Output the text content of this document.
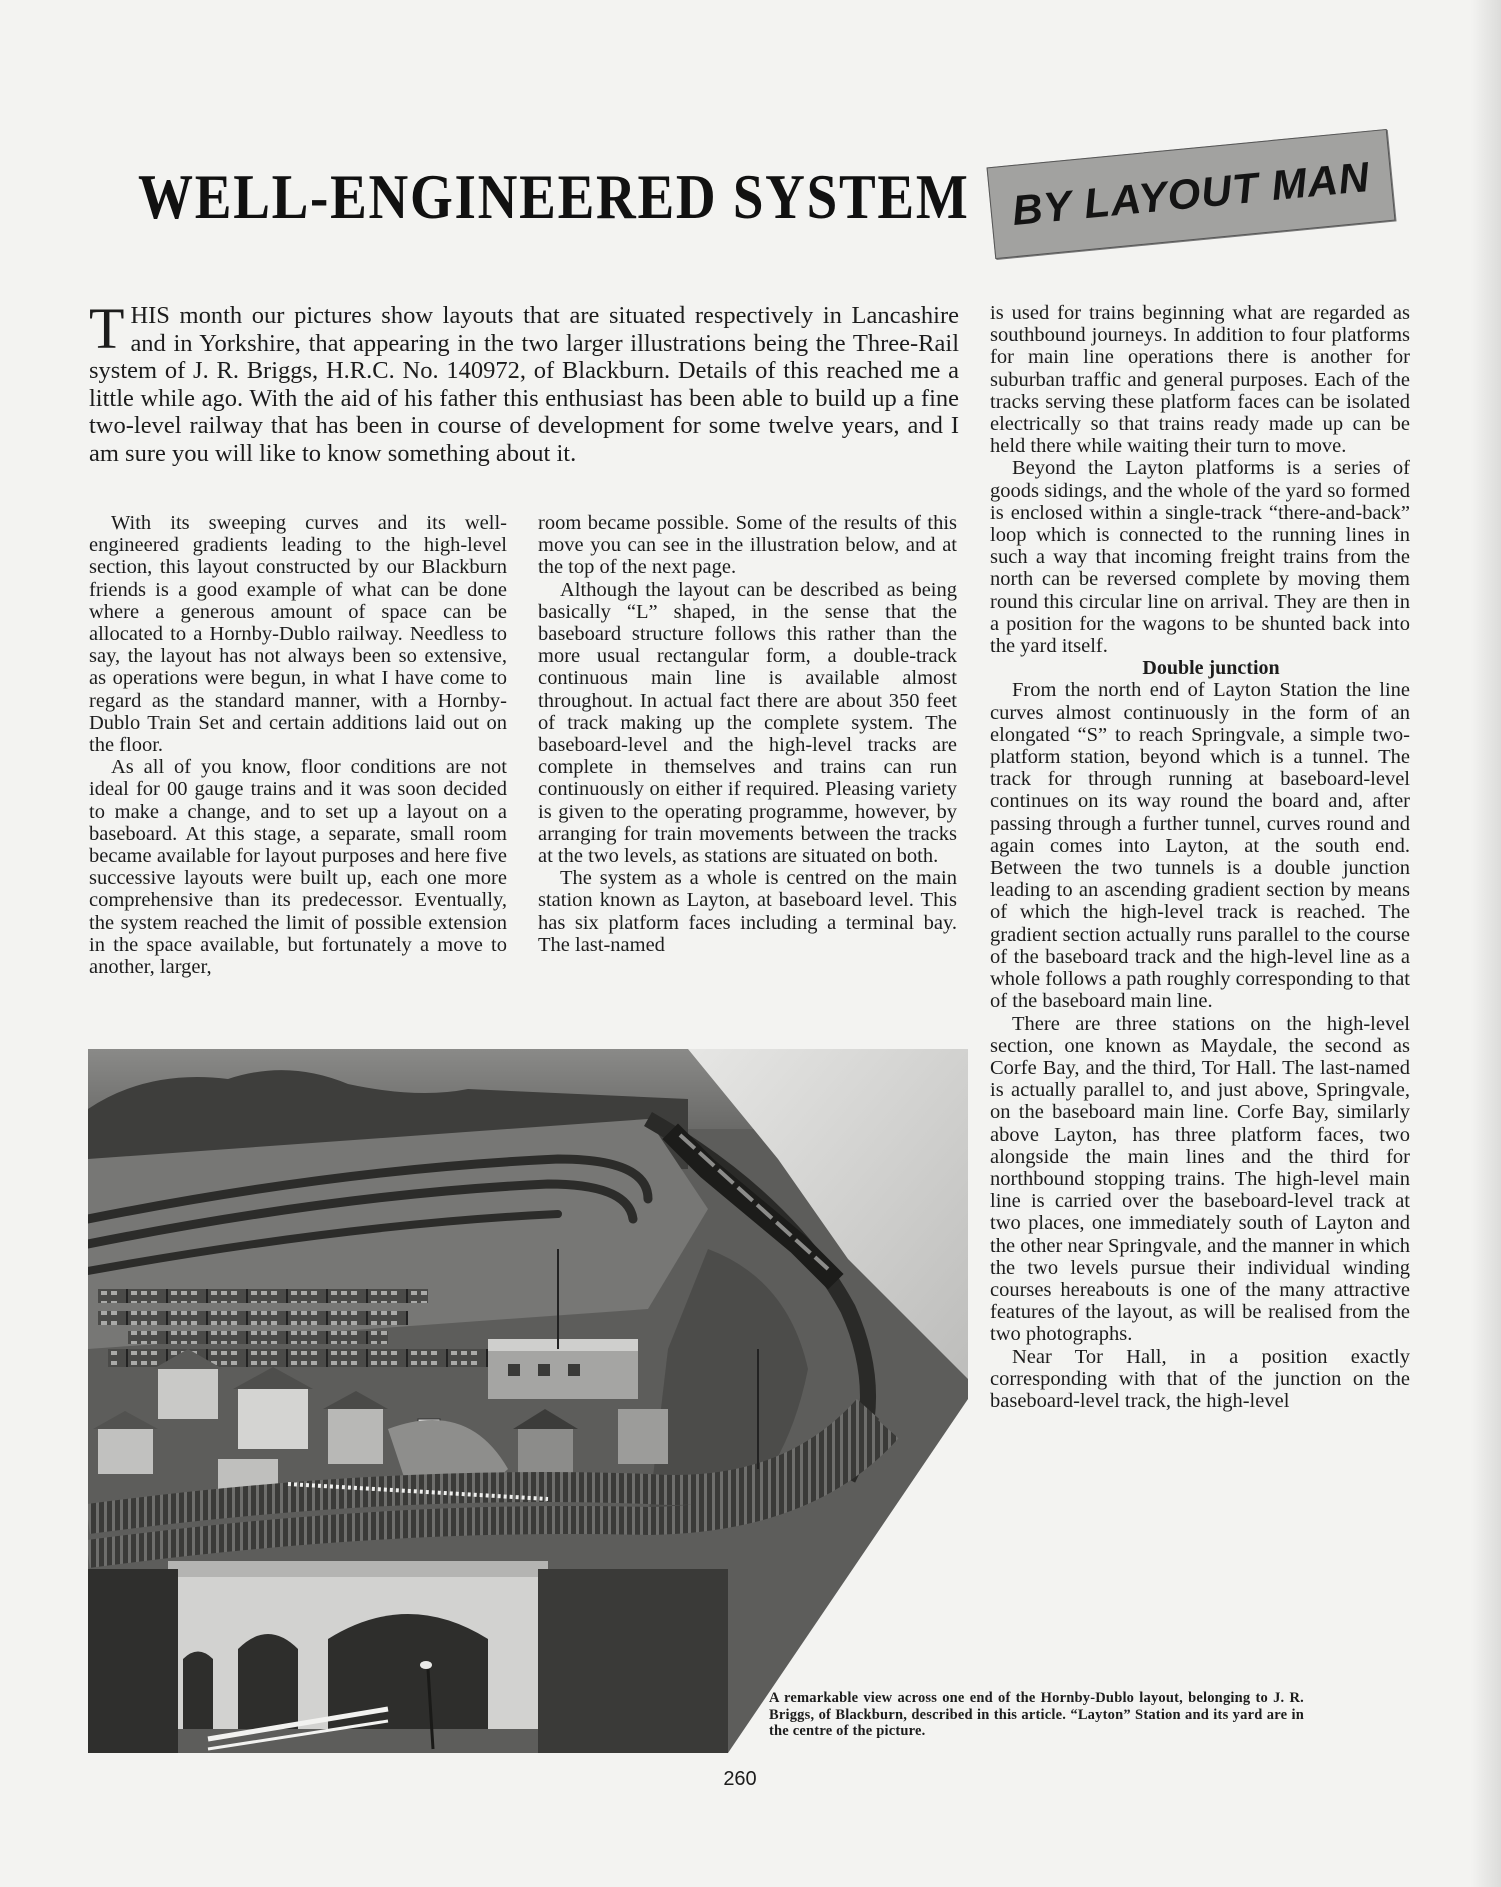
WELL-ENGINEERED SYSTEM BY LAYOUT MAN

THIS month our pictures show layouts that are situated respectively in Lancashire and in Yorkshire, that appearing in the two larger illustrations being the Three-Rail system of J. R. Briggs, H.R.C. No. 140972, of Blackburn. Details of this reached me a little while ago. With the aid of his father this enthusiast has been able to build up a fine two-level railway that has been in course of development for some twelve years, and I am sure you will like to know something about it.

With its sweeping curves and its well-engineered gradients leading to the high-level section, this layout constructed by our Blackburn friends is a good example of what can be done where a generous amount of space can be allocated to a Hornby-Dublo railway. Needless to say, the layout has not always been so extensive, as operations were begun, in what I have come to regard as the standard manner, with a Hornby-Dublo Train Set and certain additions laid out on the floor.

As all of you know, floor conditions are not ideal for 00 gauge trains and it was soon decided to make a change, and to set up a layout on a baseboard. At this stage, a separate, small room became available for layout purposes and here five successive layouts were built up, each one more comprehensive than its predecessor. Eventually, the system reached the limit of possible extension in the space available, but fortunately a move to another, larger,

room became possible. Some of the results of this move you can see in the illustration below, and at the top of the next page.

Although the layout can be described as being basically “L” shaped, in the sense that the baseboard structure follows this rather than the more usual rectangular form, a double-track continuous main line is available almost throughout. In actual fact there are about 350 feet of track making up the complete system. The baseboard-level and the high-level tracks are complete in themselves and trains can run continuously on either if required. Pleasing variety is given to the operating programme, however, by arranging for train movements between the tracks at the two levels, as stations are situated on both.

The system as a whole is centred on the main station known as Layton, at baseboard level. This has six platform faces including a terminal bay. The last-named

is used for trains beginning what are regarded as southbound journeys. In addition to four platforms for main line operations there is another for suburban traffic and general purposes. Each of the tracks serving these platform faces can be isolated electrically so that trains ready made up can be held there while waiting their turn to move.

Beyond the Layton platforms is a series of goods sidings, and the whole of the yard so formed is enclosed within a single-track “there-and-back” loop which is connected to the running lines in such a way that incoming freight trains from the north can be reversed complete by moving them round this circular line on arrival. They are then in a position for the wagons to be shunted back into the yard itself.

Double junction

From the north end of Layton Station the line curves almost continuously in the form of an elongated “S” to reach Springvale, a simple two-platform station, beyond which is a tunnel. The track for through running at baseboard-level continues on its way round the board and, after passing through a further tunnel, curves round and again comes into Layton, at the south end. Between the two tunnels is a double junction leading to an ascending gradient section by means of which the high-level track is reached. The gradient section actually runs parallel to the course of the baseboard track and the high-level line as a whole follows a path roughly corresponding to that of the baseboard main line.

There are three stations on the high-level section, one known as Maydale, the second as Corfe Bay, and the third, Tor Hall. The last-named is actually parallel to, and just above, Springvale, on the baseboard main line. Corfe Bay, similarly above Layton, has three platform faces, two alongside the main lines and the third for northbound stopping trains. The high-level main line is carried over the baseboard-level track at two places, one immediately south of Layton and the other near Springvale, and the manner in which the two levels pursue their individual winding courses hereabouts is one of the many attractive features of the layout, as will be realised from the two photographs.

Near Tor Hall, in a position exactly corresponding with that of the junction on the baseboard-level track, the high-level

A remarkable view across one end of the Hornby-Dublo layout, belonging to J. R. Briggs, of Blackburn, described in this article. “Layton” Station and its yard are in the centre of the picture.

260
